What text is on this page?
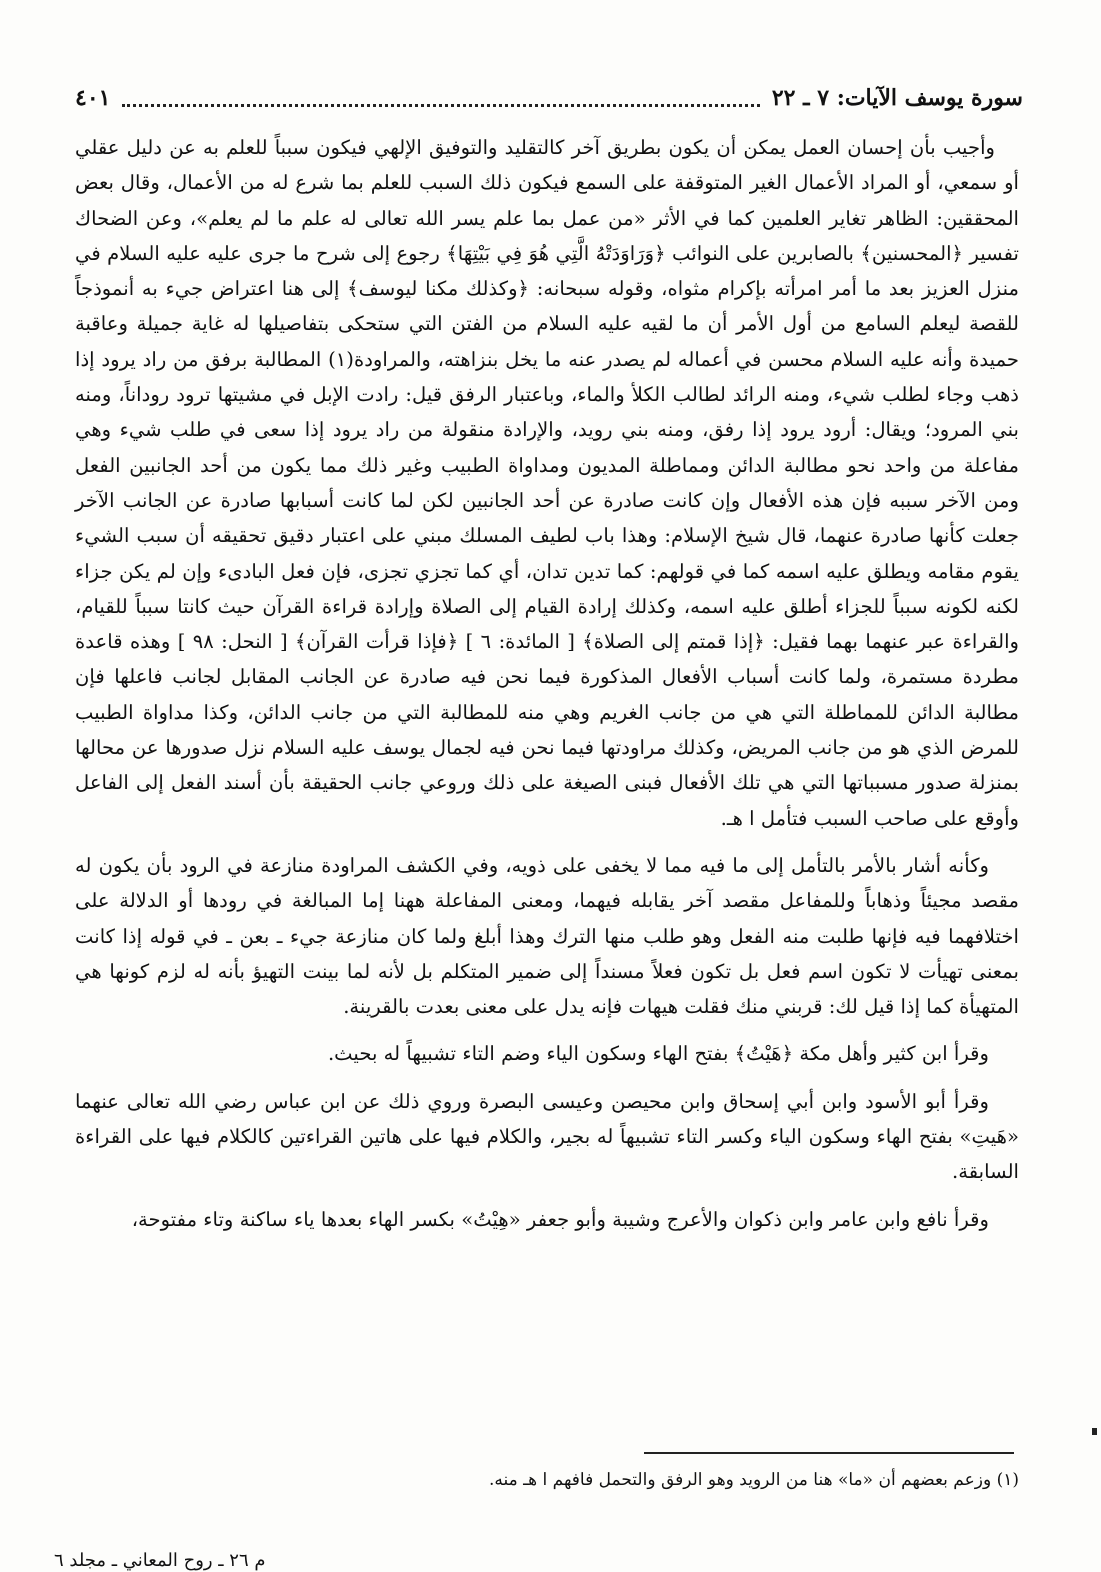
سورة يوسف الآيات: ٧ ـ ٢٢
٤٠١

وأجيب بأن إحسان العمل يمكن أن يكون بطريق آخر كالتقليد والتوفيق الإلهي فيكون سبباً للعلم به عن دليل عقلي أو سمعي، أو المراد الأعمال الغير المتوقفة على السمع فيكون ذلك السبب للعلم بما شرع له من الأعمال، وقال بعض المحققين: الظاهر تغاير العلمين كما في الأثر «من عمل بما علم يسر الله تعالى له علم ما لم يعلم»، وعن الضحاك تفسير ﴿المحسنين﴾ بالصابرين على النوائب ﴿وَرَاوَدَتْهُ الَّتِي هُوَ فِي بَيْتِهَا﴾ رجوع إلى شرح ما جرى عليه عليه السلام في منزل العزيز بعد ما أمر امرأته بإكرام مثواه، وقوله سبحانه: ﴿وكذلك مكنا ليوسف﴾ إلى هنا اعتراض جيء به أنموذجاً للقصة ليعلم السامع من أول الأمر أن ما لقيه عليه السلام من الفتن التي ستحكى بتفاصيلها له غاية جميلة وعاقبة حميدة وأنه عليه السلام محسن في أعماله لم يصدر عنه ما يخل بنزاهته، والمراودة(١) المطالبة برفق من راد يرود إذا ذهب وجاء لطلب شيء، ومنه الرائد لطالب الكلأ والماء، وباعتبار الرفق قيل: رادت الإبل في مشيتها ترود روداناً، ومنه بني المرود؛ ويقال: أرود يرود إذا رفق، ومنه بني رويد، والإرادة منقولة من راد يرود إذا سعى في طلب شيء وهي مفاعلة من واحد نحو مطالبة الدائن ومماطلة المديون ومداواة الطبيب وغير ذلك مما يكون من أحد الجانبين الفعل ومن الآخر سببه فإن هذه الأفعال وإن كانت صادرة عن أحد الجانبين لكن لما كانت أسبابها صادرة عن الجانب الآخر جعلت كأنها صادرة عنهما، قال شيخ الإسلام: وهذا باب لطيف المسلك مبني على اعتبار دقيق تحقيقه أن سبب الشيء يقوم مقامه ويطلق عليه اسمه كما في قولهم: كما تدين تدان، أي كما تجزي تجزى، فإن فعل البادىء وإن لم يكن جزاء لكنه لكونه سبباً للجزاء أطلق عليه اسمه، وكذلك إرادة القيام إلى الصلاة وإرادة قراءة القرآن حيث كانتا سبباً للقيام، والقراءة عبر عنهما بهما فقيل: ﴿إذا قمتم إلى الصلاة﴾ [ المائدة: ٦ ] ﴿فإذا قرأت القرآن﴾ [ النحل: ٩٨ ] وهذه قاعدة مطردة مستمرة، ولما كانت أسباب الأفعال المذكورة فيما نحن فيه صادرة عن الجانب المقابل لجانب فاعلها فإن مطالبة الدائن للمماطلة التي هي من جانب الغريم وهي منه للمطالبة التي من جانب الدائن، وكذا مداواة الطبيب للمرض الذي هو من جانب المريض، وكذلك مراودتها فيما نحن فيه لجمال يوسف عليه السلام نزل صدورها عن محالها بمنزلة صدور مسبباتها التي هي تلك الأفعال فبنى الصيغة على ذلك وروعي جانب الحقيقة بأن أسند الفعل إلى الفاعل وأوقع على صاحب السبب فتأمل ا هـ.

وكأنه أشار بالأمر بالتأمل إلى ما فيه مما لا يخفى على ذويه، وفي الكشف المراودة منازعة في الرود بأن يكون له مقصد مجيئاً وذهاباً وللمفاعل مقصد آخر يقابله فيهما، ومعنى المفاعلة ههنا إما المبالغة في رودها أو الدلالة على اختلافهما فيه فإنها طلبت منه الفعل وهو طلب منها الترك وهذا أبلغ ولما كان منازعة جيء ـ بعن ـ في قوله إذا كانت بمعنى تهيأت لا تكون اسم فعل بل تكون فعلاً مسنداً إلى ضمير المتكلم بل لأنه لما بينت التهيؤ بأنه له لزم كونها هي المتهيأة كما إذا قيل لك: قربني منك فقلت هيهات فإنه يدل على معنى بعدت بالقرينة.

وقرأ ابن كثير وأهل مكة ﴿هَيْتُ﴾ بفتح الهاء وسكون الياء وضم التاء تشبيهاً له بحيث.

وقرأ أبو الأسود وابن أبي إسحاق وابن محيصن وعيسى البصرة وروي ذلك عن ابن عباس رضي الله تعالى عنهما «هَيتِ» بفتح الهاء وسكون الياء وكسر التاء تشبيهاً له بجير، والكلام فيها على هاتين القراءتين كالكلام فيها على القراءة السابقة.

وقرأ نافع وابن عامر وابن ذكوان والأعرج وشيبة وأبو جعفر «هِيْتُ» بكسر الهاء بعدها ياء ساكنة وتاء مفتوحة،

(١) وزعم بعضهم أن «ما» هنا من الرويد وهو الرفق والتحمل فافهم ا هـ منه.
م ٢٦ ـ روح المعاني ـ مجلد ٦
